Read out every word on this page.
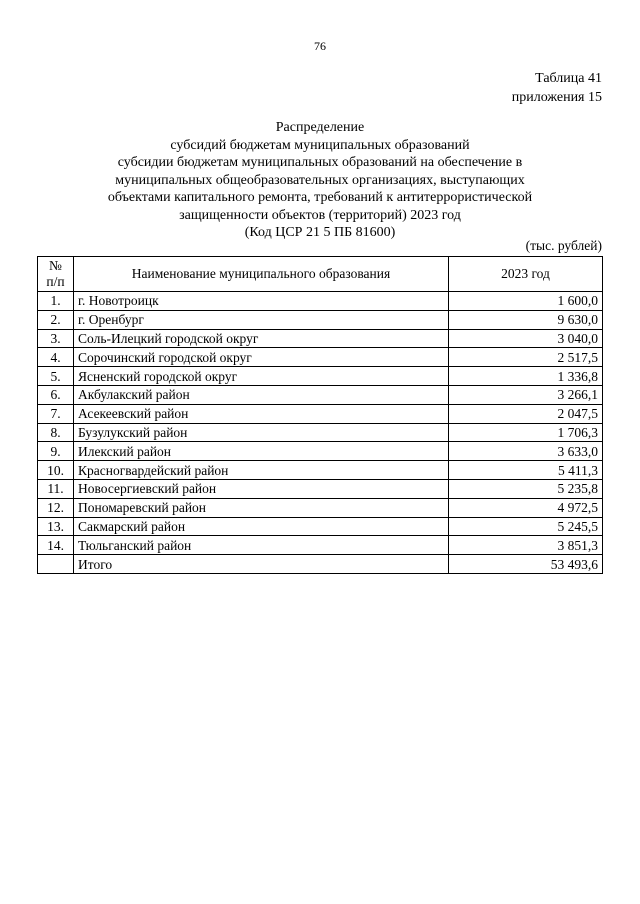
76
Таблица 41
приложения 15
Распределение
субсидий бюджетам муниципальных образований
субсидии бюджетам муниципальных образований на обеспечение в
муниципальных общеобразовательных организациях, выступающих
объектами капитального ремонта, требований к антитеррористической
защищенности объектов (территорий) 2023 год
(Код ЦСР 21 5 ПБ 81600)
(тыс. рублей)
№
п/п	Наименование муниципального образования	2023 год
1.	г. Новотроицк	1 600,0
2.	г. Оренбург	9 630,0
3.	Соль-Илецкий городской округ	3 040,0
4.	Сорочинский городской округ	2 517,5
5.	Ясненский городской округ	1 336,8
6.	Акбулакский район	3 266,1
7.	Асекеевский район	2 047,5
8.	Бузулукский район	1 706,3
9.	Илекский район	3 633,0
10.	Красногвардейский район	5 411,3
11.	Новосергиевский район	5 235,8
12.	Пономаревский район	4 972,5
13.	Сакмарский район	5 245,5
14.	Тюльганский район	3 851,3
	Итого	53 493,6
